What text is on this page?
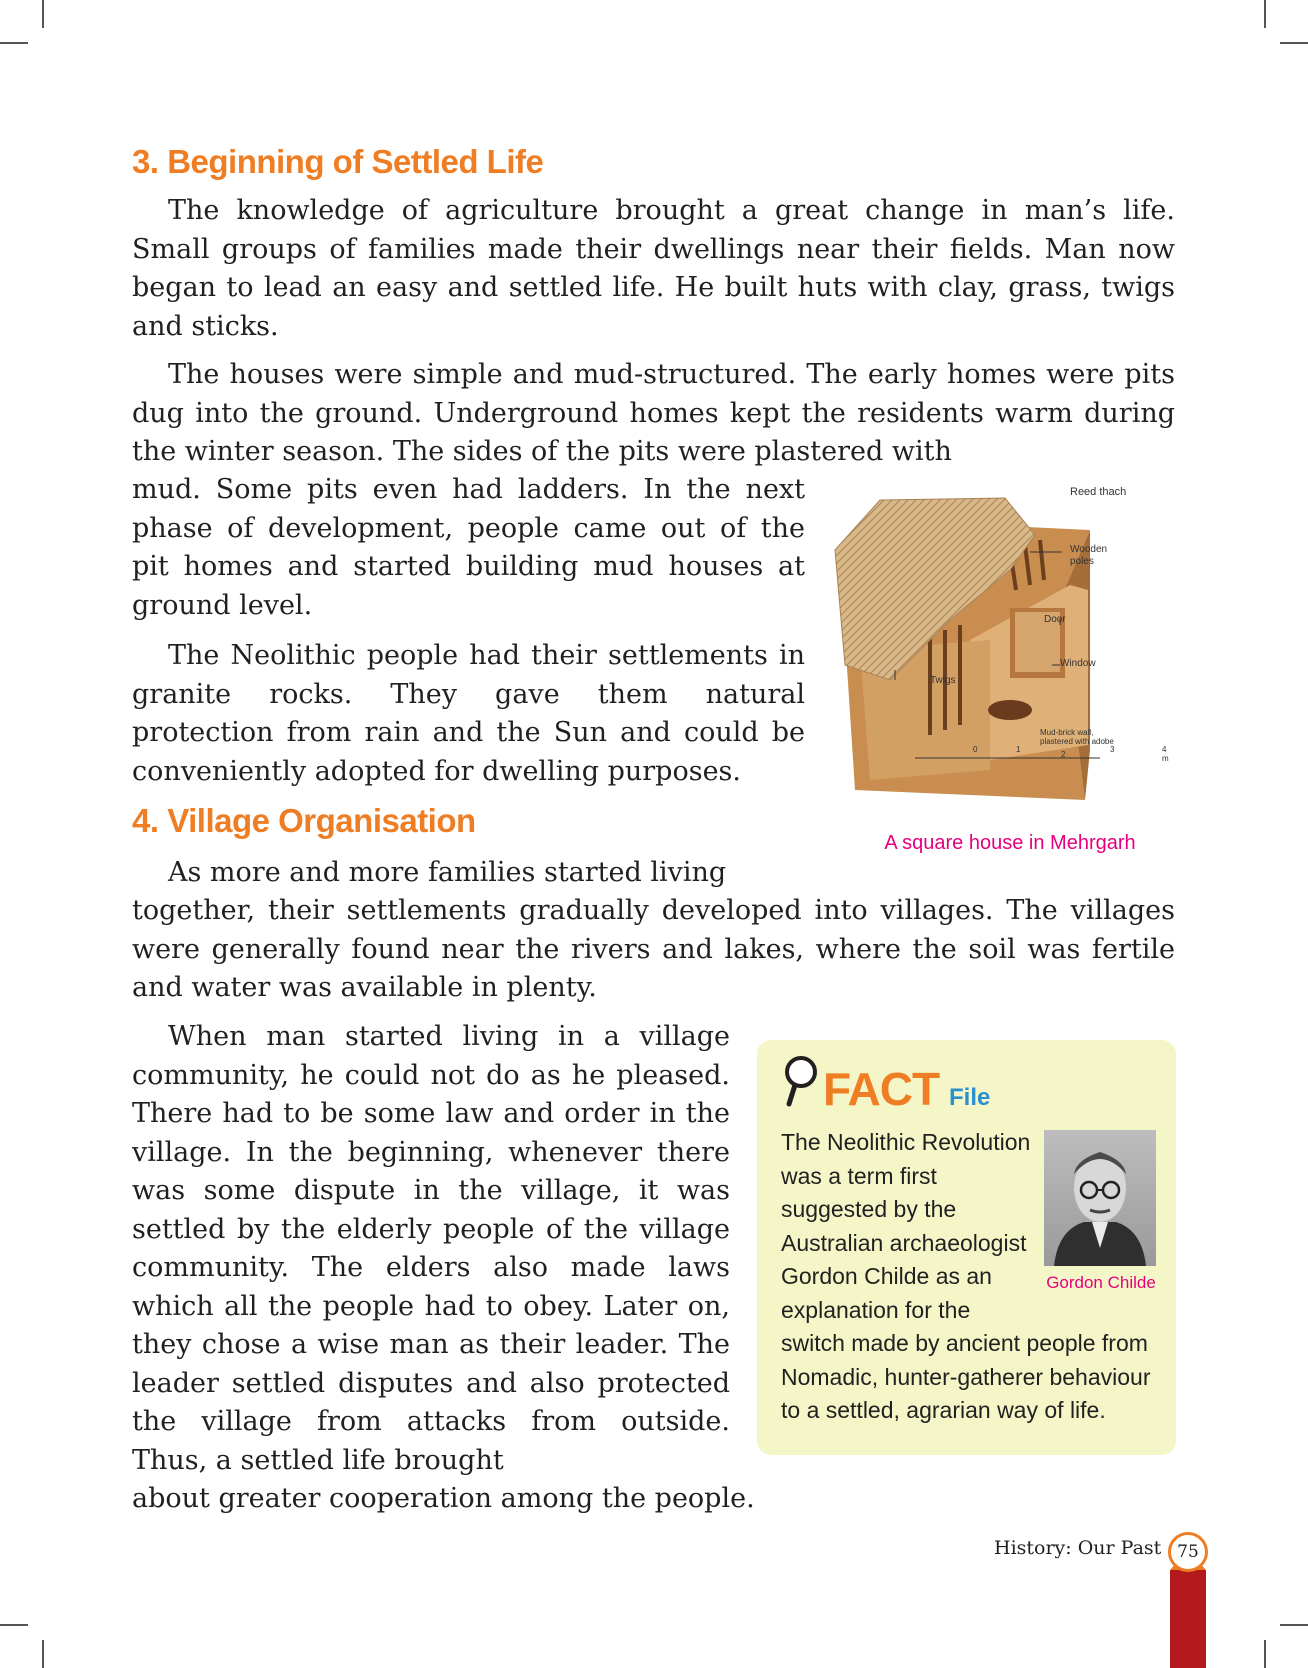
3. Beginning of Settled Life

The knowledge of agriculture brought a great change in man’s life. Small groups of families made their dwellings near their fields. Man now began to lead an easy and settled life. He built huts with clay, grass, twigs and sticks.

The houses were simple and mud-structured. The early homes were pits dug into the ground. Underground homes kept the residents warm during the winter season. The sides of the pits were plastered with

mud. Some pits even had ladders. In the next phase of development, people came out of the pit homes and started building mud houses at ground level.

The Neolithic people had their settlements in granite rocks. They gave them natural protection from rain and the Sun and could be conveniently adopted for dwelling purposes.

Reed thach
Wooden
poles
Door
Window
Twigs
Mud-brick wall,
plastered with adobe
0	1
2
3	4 m
A square house in Mehrgarh
4. Village Organisation

As more and more families started living

together, their settlements gradually developed into villages. The villages were generally found near the rivers and lakes, where the soil was fertile and water was available in plenty.

When man started living in a village community, he could not do as he pleased. There had to be some law and order in the village. In the beginning, whenever there was some dispute in the village, it was settled by the elderly people of the village community. The elders also made laws which all the people had to obey. Later on, they chose a wise man as their leader. The leader settled disputes and also protected the village from attacks from outside. Thus, a settled life brought

about greater cooperation among the people.

FACT File
The Neolithic Revolution
was a term first
suggested by the
Australian archaeologist
Gordon Childe as an
explanation for the
switch made by ancient people from
Nomadic, hunter-gatherer behaviour
to a settled, agrarian way of life.
Gordon Childe
History: Our Past 75
